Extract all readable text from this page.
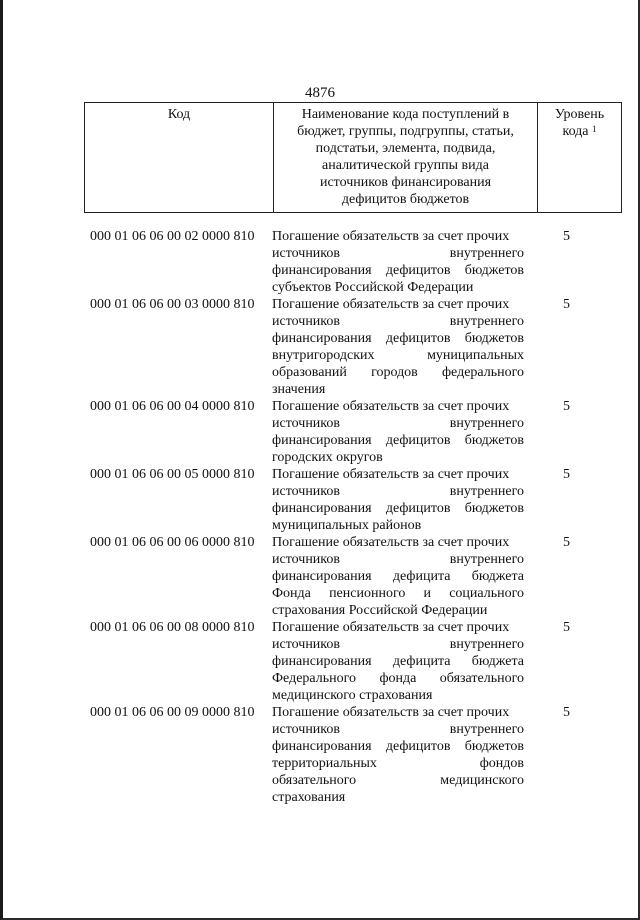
4876
Код	Наименование кода поступлений в
бюджет, группы, подгруппы, статьи,
подстатьи, элемента, подвида,
аналитической группы вида
источников финансирования
дефицитов бюджетов

Уровень
кода $^1$
000 01 06 06 00 02 0000 810	Погашение обязательств за счет прочих
источников внутреннего
финансирования дефицитов бюджетов
субъектов Российской Федерации
5
000 01 06 06 00 03 0000 810	Погашение обязательств за счет прочих
источников внутреннего
финансирования дефицитов бюджетов
внутригородских муниципальных
образований городов федерального
значения
5
000 01 06 06 00 04 0000 810	Погашение обязательств за счет прочих
источников внутреннего
финансирования дефицитов бюджетов
городских округов
5
000 01 06 06 00 05 0000 810	Погашение обязательств за счет прочих
источников внутреннего
финансирования дефицитов бюджетов
муниципальных районов
5
000 01 06 06 00 06 0000 810	Погашение обязательств за счет прочих
источников внутреннего
финансирования дефицита бюджета
Фонда пенсионного и социального
страхования Российской Федерации
5
000 01 06 06 00 08 0000 810	Погашение обязательств за счет прочих
источников внутреннего
финансирования дефицита бюджета
Федерального фонда обязательного
медицинского страхования
5
000 01 06 06 00 09 0000 810	Погашение обязательств за счет прочих
источников внутреннего
финансирования дефицитов бюджетов
территориальных фондов
обязательного медицинского
страхования
5
